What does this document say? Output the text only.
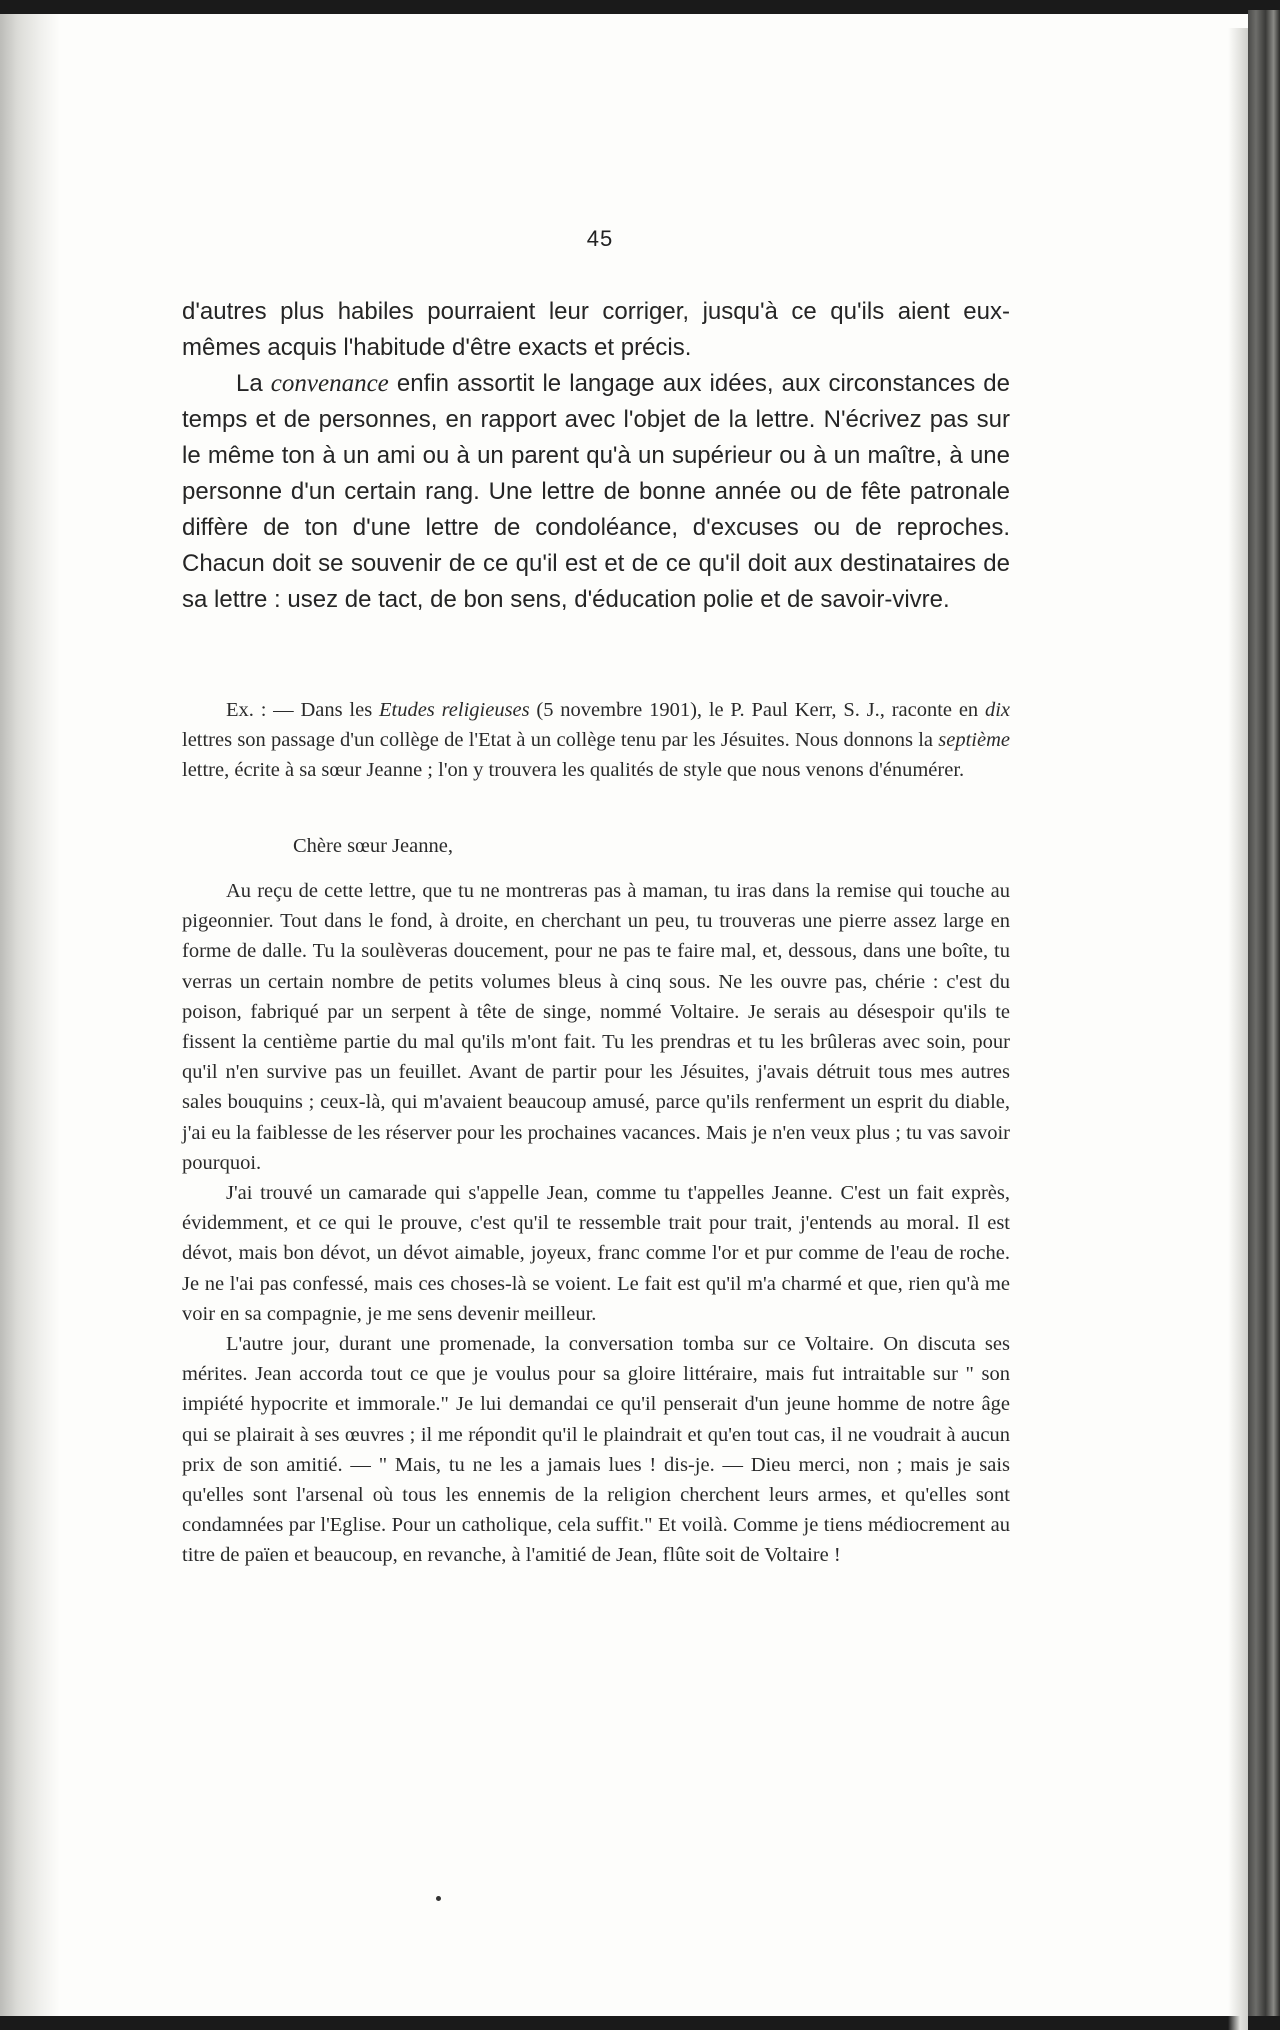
45

d'autres plus habiles pourraient leur corriger, jusqu'à ce qu'ils aient eux-mêmes acquis l'habitude d'être exacts et précis.

La convenance enfin assortit le langage aux idées, aux circonstances de temps et de personnes, en rapport avec l'objet de la lettre. N'écrivez pas sur le même ton à un ami ou à un parent qu'à un supérieur ou à un maître, à une personne d'un certain rang. Une lettre de bonne année ou de fête patronale diffère de ton d'une lettre de condoléance, d'excuses ou de reproches. Chacun doit se souvenir de ce qu'il est et de ce qu'il doit aux destinataires de sa lettre : usez de tact, de bon sens, d'éducation polie et de savoir-vivre.

Ex. : — Dans les Etudes religieuses (5 novembre 1901), le P. Paul Kerr, S. J., raconte en dix lettres son passage d'un collège de l'Etat à un collège tenu par les Jésuites. Nous donnons la septième lettre, écrite à sa sœur Jeanne ; l'on y trouvera les qualités de style que nous venons d'énumérer.

Chère sœur Jeanne,

Au reçu de cette lettre, que tu ne montreras pas à maman, tu iras dans la remise qui touche au pigeonnier. Tout dans le fond, à droite, en cherchant un peu, tu trouveras une pierre assez large en forme de dalle. Tu la soulèveras doucement, pour ne pas te faire mal, et, dessous, dans une boîte, tu verras un certain nombre de petits volumes bleus à cinq sous. Ne les ouvre pas, chérie : c'est du poison, fabriqué par un serpent à tête de singe, nommé Voltaire. Je serais au désespoir qu'ils te fissent la centième partie du mal qu'ils m'ont fait. Tu les prendras et tu les brûleras avec soin, pour qu'il n'en survive pas un feuillet. Avant de partir pour les Jésuites, j'avais détruit tous mes autres sales bouquins ; ceux-là, qui m'avaient beaucoup amusé, parce qu'ils renferment un esprit du diable, j'ai eu la faiblesse de les réserver pour les prochaines vacances. Mais je n'en veux plus ; tu vas savoir pourquoi.

J'ai trouvé un camarade qui s'appelle Jean, comme tu t'appelles Jeanne. C'est un fait exprès, évidemment, et ce qui le prouve, c'est qu'il te ressemble trait pour trait, j'entends au moral. Il est dévot, mais bon dévot, un dévot aimable, joyeux, franc comme l'or et pur comme de l'eau de roche. Je ne l'ai pas confessé, mais ces choses-là se voient. Le fait est qu'il m'a charmé et que, rien qu'à me voir en sa compagnie, je me sens devenir meilleur.

L'autre jour, durant une promenade, la conversation tomba sur ce Voltaire. On discuta ses mérites. Jean accorda tout ce que je voulus pour sa gloire littéraire, mais fut intraitable sur " son impiété hypocrite et immorale." Je lui demandai ce qu'il penserait d'un jeune homme de notre âge qui se plairait à ses œuvres ; il me répondit qu'il le plaindrait et qu'en tout cas, il ne voudrait à aucun prix de son amitié. — " Mais, tu ne les a jamais lues ! dis-je. — Dieu merci, non ; mais je sais qu'elles sont l'arsenal où tous les ennemis de la religion cherchent leurs armes, et qu'elles sont condamnées par l'Eglise. Pour un catholique, cela suffit." Et voilà. Comme je tiens médiocrement au titre de païen et beaucoup, en revanche, à l'amitié de Jean, flûte soit de Voltaire !
